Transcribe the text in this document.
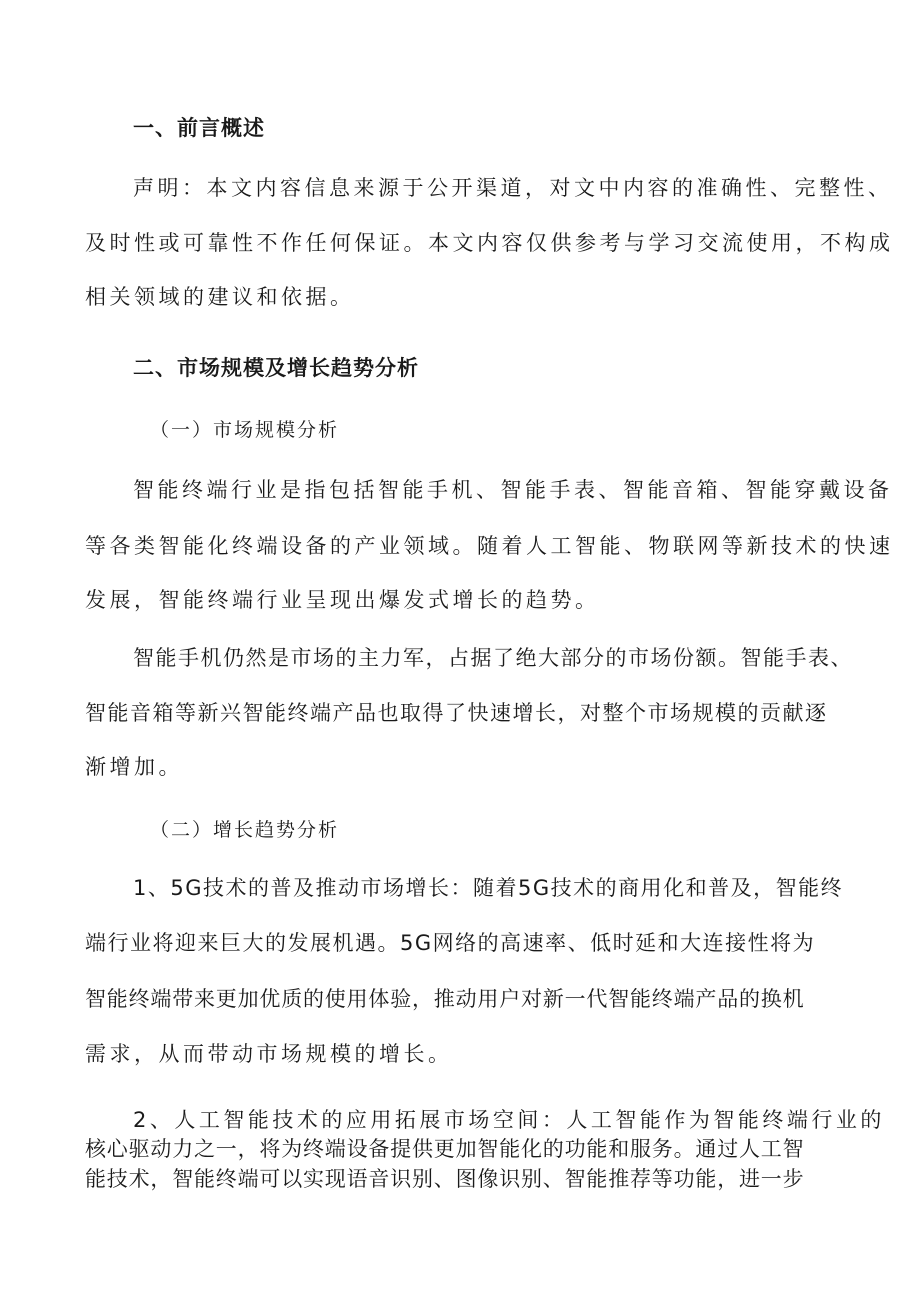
一、前言概述
声明：本文内容信息来源于公开渠道，对文中内容的准确性、完整性、
及时性或可靠性不作任何保证。本文内容仅供参考与学习交流使用，不构成
相关领域的建议和依据。
二、市场规模及增长趋势分析
（一）市场规模分析
智能终端行业是指包括智能手机、智能手表、智能音箱、智能穿戴设备
等各类智能化终端设备的产业领域。随着人工智能、物联网等新技术的快速
发展，智能终端行业呈现出爆发式增长的趋势。
智能手机仍然是市场的主力军，占据了绝大部分的市场份额。智能手表、
智能音箱等新兴智能终端产品也取得了快速增长，对整个市场规模的贡献逐
渐增加。
（二）增长趋势分析
1、5G技术的普及推动市场增长：随着5G技术的商用化和普及，智能终
端行业将迎来巨大的发展机遇。5G网络的高速率、低时延和大连接性将为
智能终端带来更加优质的使用体验，推动用户对新一代智能终端产品的换机
需求，从而带动市场规模的增长。
2、人工智能技术的应用拓展市场空间：人工智能作为智能终端行业的
核心驱动力之一，将为终端设备提供更加智能化的功能和服务。通过人工智
能技术，智能终端可以实现语音识别、图像识别、智能推荐等功能，进一步
